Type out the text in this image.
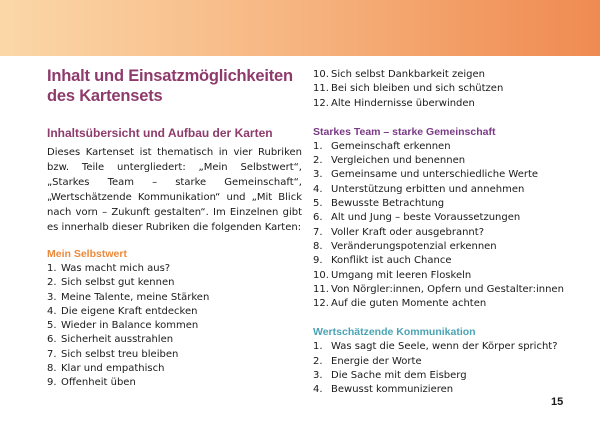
Inhalt und Einsatzmöglichkeiten
des Kartensets
Inhaltsübersicht und Aufbau der Karten

Dieses Kartenset ist thematisch in vier Rubriken bzw. Teile untergliedert: „Mein Selbstwert“, „Starkes Team – starke Gemeinschaft“, „Wertschätzende Kommunikation“ und „Mit Blick nach vorn – Zukunft gestalten“. Im Einzelnen gibt es innerhalb dieser Rubriken die folgenden Karten:

Mein Selbstwert
1. Was macht mich aus?
2. Sich selbst gut kennen
3. Meine Talente, meine Stärken
4. Die eigene Kraft entdecken
5. Wieder in Balance kommen
6. Sicherheit ausstrahlen
7. Sich selbst treu bleiben
8. Klar und empathisch
9. Offenheit üben
10. Sich selbst Dankbarkeit zeigen
11. Bei sich bleiben und sich schützen
12. Alte Hindernisse überwinden
Starkes Team – starke Gemeinschaft
1. Gemeinschaft erkennen
2. Vergleichen und benennen
3. Gemeinsame und unterschiedliche Werte
4. Unterstützung erbitten und annehmen
5. Bewusste Betrachtung
6. Alt und Jung – beste Voraussetzungen
7. Voller Kraft oder ausgebrannt?
8. Veränderungspotenzial erkennen
9. Konflikt ist auch Chance
10. Umgang mit leeren Floskeln
11. Von Nörgler:innen, Opfern und Gestalter:innen
12. Auf die guten Momente achten
Wertschätzende Kommunikation
1. Was sagt die Seele, wenn der Körper spricht?
2. Energie der Worte
3. Die Sache mit dem Eisberg
4. Bewusst kommunizieren
15
